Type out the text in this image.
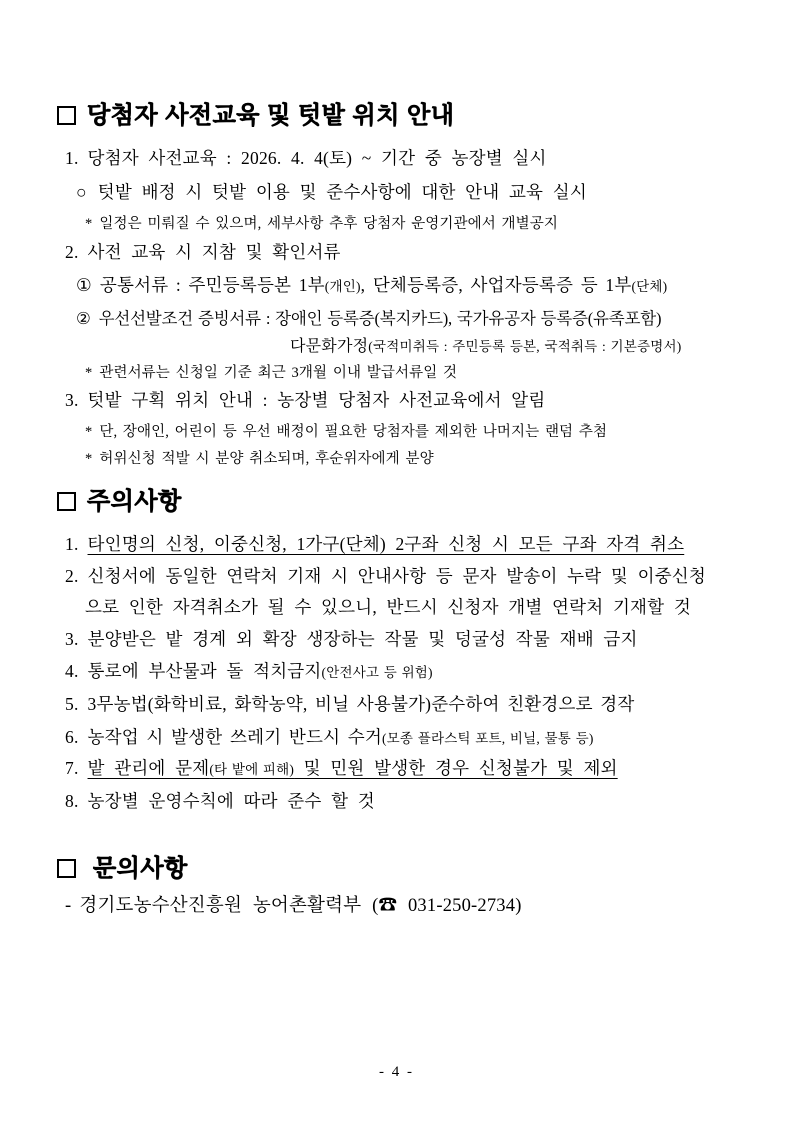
당첨자 사전교육 및 텃밭 위치 안내
1. 당첨자 사전교육 : 2026. 4. 4(토) ~ 기간 중 농장별 실시
○ 텃밭 배정 시 텃밭 이용 및 준수사항에 대한 안내 교육 실시
* 일정은 미뤄질 수 있으며, 세부사항 추후 당첨자 운영기관에서 개별공지
2. 사전 교육 시 지참 및 확인서류
① 공통서류 : 주민등록등본 1부(개인), 단체등록증, 사업자등록증 등 1부(단체)
② 우선선발조건 증빙서류 : 장애인 등록증(복지카드), 국가유공자 등록증(유족포함)
다문화가정(국적미취득 : 주민등록 등본, 국적취득 : 기본증명서)
* 관련서류는 신청일 기준 최근 3개월 이내 발급서류일 것
3. 텃밭 구획 위치 안내 : 농장별 당첨자 사전교육에서 알림
* 단, 장애인, 어린이 등 우선 배정이 필요한 당첨자를 제외한 나머지는 랜덤 추첨
* 허위신청 적발 시 분양 취소되며, 후순위자에게 분양
주의사항
1. 타인명의 신청, 이중신청, 1가구(단체) 2구좌 신청 시 모든 구좌 자격 취소
2. 신청서에 동일한 연락처 기재 시 안내사항 등 문자 발송이 누락 및 이중신청
으로 인한 자격취소가 될 수 있으니, 반드시 신청자 개별 연락처 기재할 것
3. 분양받은 밭 경계 외 확장 생장하는 작물 및 덩굴성 작물 재배 금지
4. 통로에 부산물과 돌 적치금지(안전사고 등 위험)
5. 3무농법(화학비료, 화학농약, 비닐 사용불가)준수하여 친환경으로 경작
6. 농작업 시 발생한 쓰레기 반드시 수거(모종 플라스틱 포트, 비닐, 물통 등)
7. 밭 관리에 문제(타 밭에 피해) 및 민원 발생한 경우 신청불가 및 제외
8. 농장별 운영수칙에 따라 준수 할 것
문의사항
- 경기도농수산진흥원 농어촌활력부 (☎ 031-250-2734)
- 4 -
